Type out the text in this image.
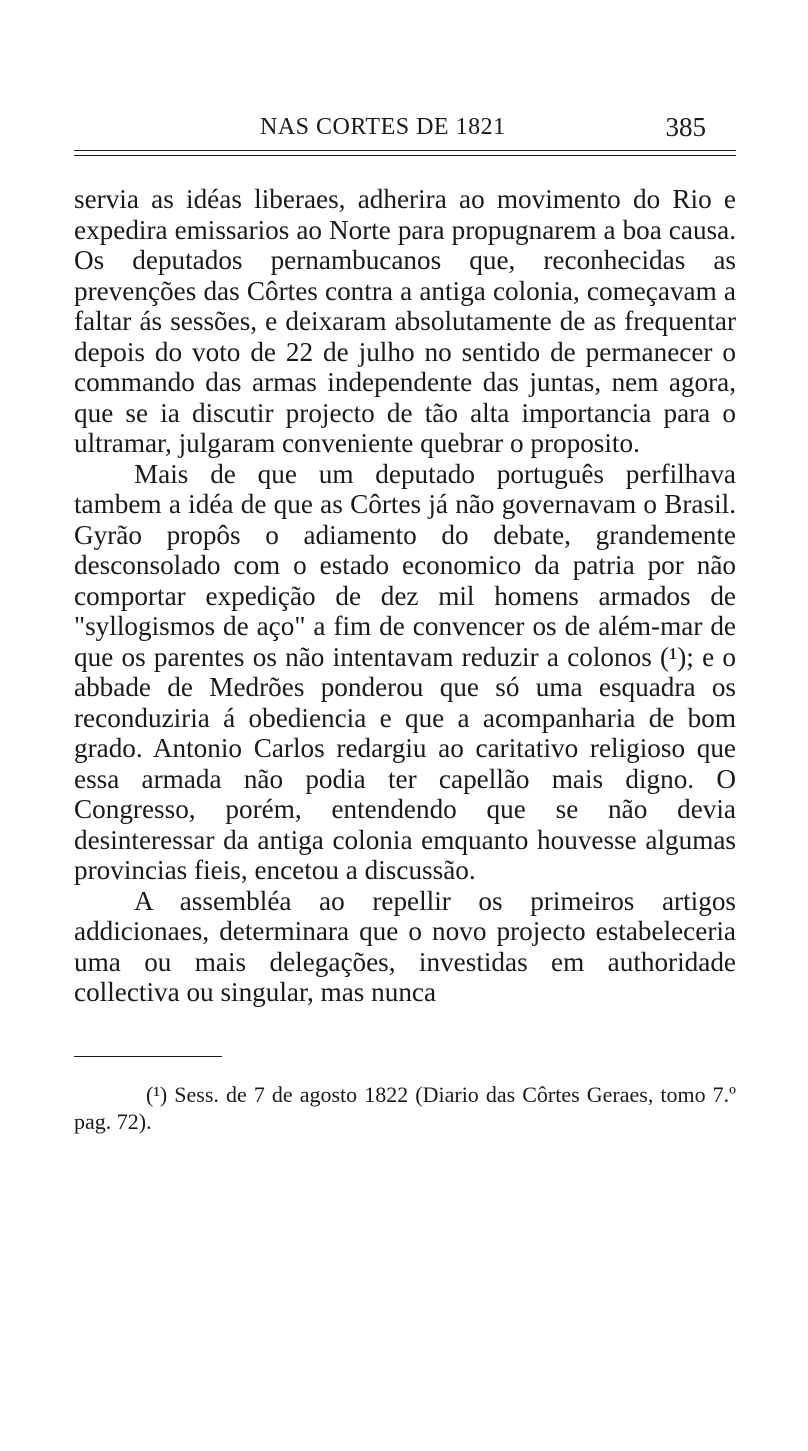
NAS CORTES DE 1821	385

servia as idéas liberaes, adherira ao movimento do Rio e expedira emissarios ao Norte para propugnarem a boa causa. Os deputados pernambucanos que, reconhecidas as prevenções das Côrtes contra a antiga colonia, começavam a faltar ás sessões, e deixaram absolutamente de as frequentar depois do voto de 22 de julho no sentido de permanecer o commando das armas independente das juntas, nem agora, que se ia discutir projecto de tão alta importancia para o ultramar, julgaram conveniente quebrar o proposito.

Mais de que um deputado português perfilhava tambem a idéa de que as Côrtes já não governavam o Brasil. Gyrão propôs o adiamento do debate, grandemente desconsolado com o estado economico da patria por não comportar expedição de dez mil homens armados de "syllogismos de aço" a fim de convencer os de além-mar de que os parentes os não intentavam reduzir a colonos (¹); e o abbade de Medrões ponderou que só uma esquadra os reconduziria á obediencia e que a acompanharia de bom grado. Antonio Carlos redargiu ao caritativo religioso que essa armada não podia ter capellão mais digno. O Congresso, porém, entendendo que se não devia desinteressar da antiga colonia emquanto houvesse algumas provincias fieis, encetou a discussão.

A assembléa ao repellir os primeiros artigos addicionaes, determinara que o novo projecto estabeleceria uma ou mais delegações, investidas em authoridade collectiva ou singular, mas nunca

(¹) Sess. de 7 de agosto 1822 (Diario das Côrtes Geraes, tomo 7.º pag. 72).
